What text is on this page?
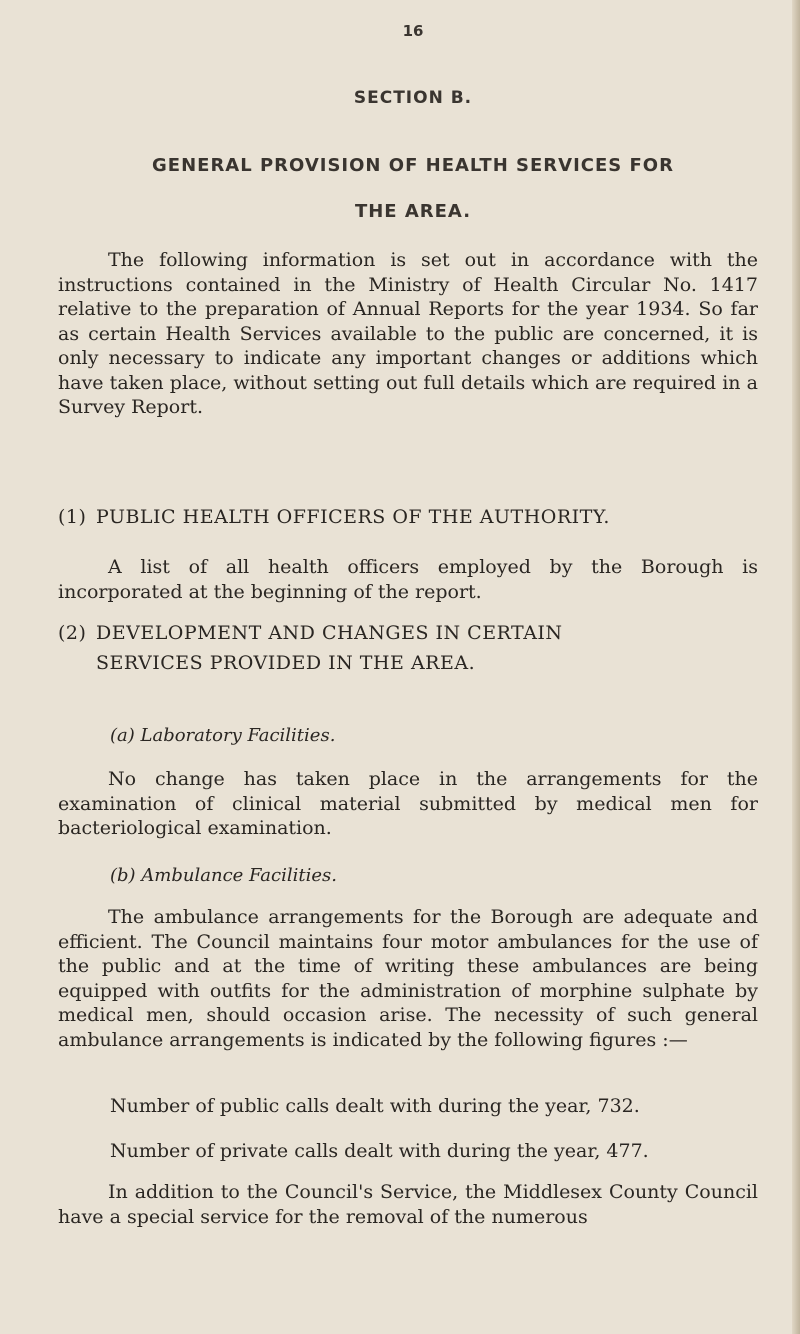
16
SECTION B.
GENERAL PROVISION OF HEALTH SERVICES FOR
THE AREA.

The following information is set out in accordance with the instructions contained in the Ministry of Health Circular No. 1417 relative to the preparation of Annual Reports for the year 1934. So far as certain Health Services available to the public are concerned, it is only necessary to indicate any important changes or additions which have taken place, without setting out full details which are required in a Survey Report.

(1) PUBLIC HEALTH OFFICERS OF THE AUTHORITY.

A list of all health officers employed by the Borough is incorporated at the beginning of the report.

(2) DEVELOPMENT AND CHANGES IN CERTAIN
SERVICES PROVIDED IN THE AREA.
(a) Laboratory Facilities.

No change has taken place in the arrangements for the examination of clinical material submitted by medical men for bacteriological examination.

(b) Ambulance Facilities.

The ambulance arrangements for the Borough are adequate and efficient. The Council maintains four motor ambulances for the use of the public and at the time of writing these ambulances are being equipped with outfits for the administration of morphine sulphate by medical men, should occasion arise. The necessity of such general ambulance arrangements is indicated by the following figures :—

Number of public calls dealt with during the year, 732.
Number of private calls dealt with during the year, 477.

In addition to the Council's Service, the Middlesex County Council have a special service for the removal of the numerous
